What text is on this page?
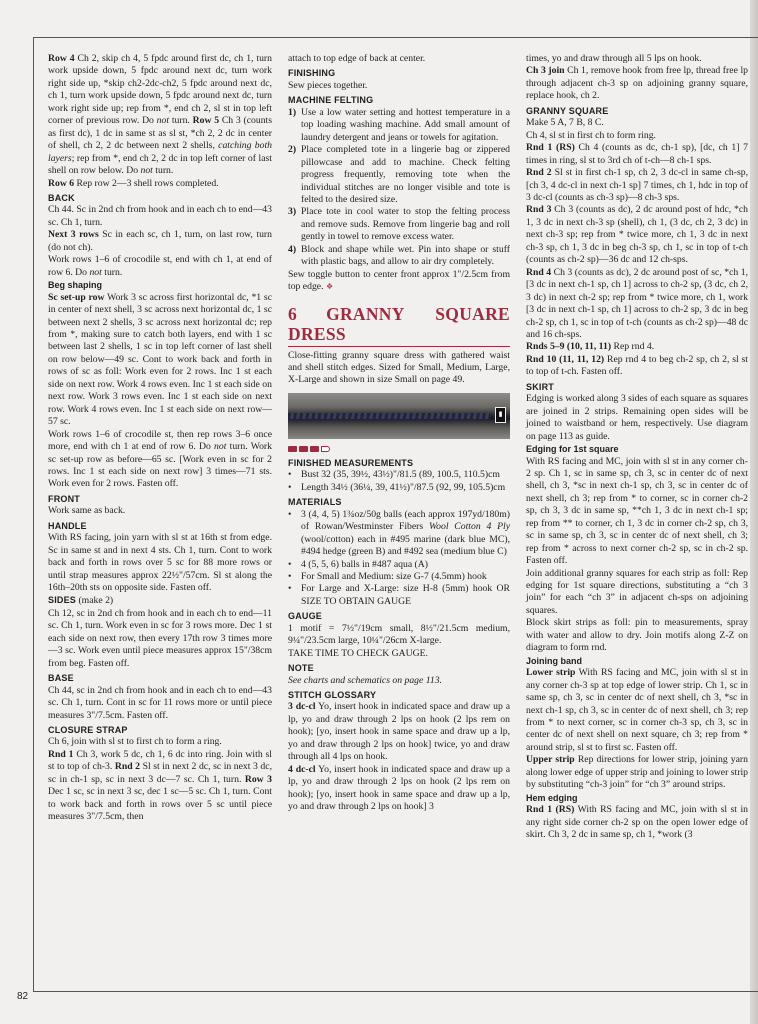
Row 4 Ch 2, skip ch 4, 5 fpdc around first dc, ch 1, turn work upside down, 5 fpdc around next dc, turn work right side up, *skip ch2-2dc-ch2, 5 fpdc around next dc, ch 1, turn work upside down, 5 fpdc around next dc, turn work right side up; rep from *, end ch 2, sl st in top left corner of previous row. Do not turn. Row 5 Ch 3 (counts as first dc), 1 dc in same st as sl st, *ch 2, 2 dc in center of shell, ch 2, 2 dc between next 2 shells, catching both layers; rep from *, end ch 2, 2 dc in top left corner of last shell on row below. Do not turn.

Row 6 Rep row 2—3 shell rows completed.

BACK

Ch 44. Sc in 2nd ch from hook and in each ch to end—43 sc. Ch 1, turn.

Next 3 rows Sc in each sc, ch 1, turn, on last row, turn (do not ch).

Work rows 1–6 of crocodile st, end with ch 1, at end of row 6. Do not turn.

Beg shaping

Sc set-up row Work 3 sc across first horizontal dc, *1 sc in center of next shell, 3 sc across next horizontal dc, 1 sc between next 2 shells, 3 sc across next horizontal dc; rep from *, making sure to catch both layers, end with 1 sc between last 2 shells, 1 sc in top left corner of last shell on row below—49 sc. Cont to work back and forth in rows of sc as foll: Work even for 2 rows. Inc 1 st each side on next row. Work 4 rows even. Inc 1 st each side on next row. Work 3 rows even. Inc 1 st each side on next row. Work 4 rows even. Inc 1 st each side on next row—57 sc.

Work rows 1–6 of crocodile st, then rep rows 3–6 once more, end with ch 1 at end of row 6. Do not turn. Work sc set-up row as before—65 sc. [Work even in sc for 2 rows. Inc 1 st each side on next row] 3 times—71 sts. Work even for 2 rows. Fasten off.

FRONT

Work same as back.

HANDLE

With RS facing, join yarn with sl st at 16th st from edge. Sc in same st and in next 4 sts. Ch 1, turn. Cont to work back and forth in rows over 5 sc for 88 more rows or until strap measures approx 22½"/57cm. Sl st along the 16th–20th sts on opposite side. Fasten off.

SIDES (make 2)

Ch 12, sc in 2nd ch from hook and in each ch to end—11 sc. Ch 1, turn. Work even in sc for 3 rows more. Dec 1 st each side on next row, then every 17th row 3 times more—3 sc. Work even until piece measures approx 15"/38cm from beg. Fasten off.

BASE

Ch 44, sc in 2nd ch from hook and in each ch to end—43 sc. Ch 1, turn. Cont in sc for 11 rows more or until piece measures 3"/7.5cm. Fasten off.

CLOSURE STRAP

Ch 6, join with sl st to first ch to form a ring.

Rnd 1 Ch 3, work 5 dc, ch 1, 6 dc into ring. Join with sl st to top of ch-3. Rnd 2 Sl st in next 2 dc, sc in next 3 dc, sc in ch-1 sp, sc in next 3 dc—7 sc. Ch 1, turn. Row 3 Dec 1 sc, sc in next 3 sc, dec 1 sc—5 sc. Ch 1, turn. Cont to work back and forth in rows over 5 sc until piece measures 3"/7.5cm, then

attach to top edge of back at center.

FINISHING

Sew pieces together.

MACHINE FELTING
1) Use a low water setting and hottest temperature in a top loading washing machine. Add small amount of laundry detergent and jeans or towels for agitation.
2) Place completed tote in a lingerie bag or zippered pillowcase and add to machine. Check felting progress frequently, removing tote when the individual stitches are no longer visible and tote is felted to the desired size.
3) Place tote in cool water to stop the felting process and remove suds. Remove from lingerie bag and roll gently in towel to remove excess water.
4) Block and shape while wet. Pin into shape or stuff with plastic bags, and allow to air dry completely.

Sew toggle button to center front approx 1"/2.5cm from top edge. ❖

6 GRANNY SQUARE DRESS

Close-fitting granny square dress with gathered waist and shell stitch edges. Sized for Small, Medium, Large, X-Large and shown in size Small on page 49.

▮
FINISHED MEASUREMENTS
• Bust 32 (35, 39½, 43½)"/81.5 (89, 100.5, 110.5)cm
• Length 34½ (36¼, 39, 41½)"/87.5 (92, 99, 105.5)cm
MATERIALS
• 3 (4, 4, 5) 1¾oz/50g balls (each approx 197yd/180m) of Rowan/Westminster Fibers Wool Cotton 4 Ply (wool/cotton) each in #495 marine (dark blue MC), #494 hedge (green B) and #492 sea (medium blue C)
• 4 (5, 5, 6) balls in #487 aqua (A)
• For Small and Medium: size G-7 (4.5mm) hook
• For Large and X-Large: size H-8 (5mm) hook OR SIZE TO OBTAIN GAUGE
GAUGE

1 motif = 7½"/19cm small, 8½"/21.5cm medium, 9¼"/23.5cm large, 10¼"/26cm X-large.

TAKE TIME TO CHECK GAUGE.

NOTE

See charts and schematics on page 113.

STITCH GLOSSARY

3 dc-cl Yo, insert hook in indicated space and draw up a lp, yo and draw through 2 lps on hook (2 lps rem on hook); [yo, insert hook in same space and draw up a lp, yo and draw through 2 lps on hook] twice, yo and draw through all 4 lps on hook.

4 dc-cl Yo, insert hook in indicated space and draw up a lp, yo and draw through 2 lps on hook (2 lps rem on hook); [yo, insert hook in same space and draw up a lp, yo and draw through 2 lps on hook] 3

times, yo and draw through all 5 lps on hook.

Ch 3 join Ch 1, remove hook from free lp, thread free lp through adjacent ch-3 sp on adjoining granny square, replace hook, ch 2.

GRANNY SQUARE

Make 5 A, 7 B, 8 C.

Ch 4, sl st in first ch to form ring.

Rnd 1 (RS) Ch 4 (counts as dc, ch-1 sp), [dc, ch 1] 7 times in ring, sl st to 3rd ch of t-ch—8 ch-1 sps.

Rnd 2 Sl st in first ch-1 sp, ch 2, 3 dc-cl in same ch-sp, [ch 3, 4 dc-cl in next ch-1 sp] 7 times, ch 1, hdc in top of 3 dc-cl (counts as ch-3 sp)—8 ch-3 sps.

Rnd 3 Ch 3 (counts as dc), 2 dc around post of hdc, *ch 1, 3 dc in next ch-3 sp (shell), ch 1, (3 dc, ch 2, 3 dc) in next ch-3 sp; rep from * twice more, ch 1, 3 dc in next ch-3 sp, ch 1, 3 dc in beg ch-3 sp, ch 1, sc in top of t-ch (counts as ch-2 sp)—36 dc and 12 ch-sps.

Rnd 4 Ch 3 (counts as dc), 2 dc around post of sc, *ch 1, [3 dc in next ch-1 sp, ch 1] across to ch-2 sp, (3 dc, ch 2, 3 dc) in next ch-2 sp; rep from * twice more, ch 1, work [3 dc in next ch-1 sp, ch 1] across to ch-2 sp, 3 dc in beg ch-2 sp, ch 1, sc in top of t-ch (counts as ch-2 sp)—48 dc and 16 ch-sps.

Rnds 5–9 (10, 11, 11) Rep rnd 4.

Rnd 10 (11, 11, 12) Rep rnd 4 to beg ch-2 sp, ch 2, sl st to top of t-ch. Fasten off.

SKIRT

Edging is worked along 3 sides of each square as squares are joined in 2 strips. Remaining open sides will be joined to waistband or hem, respectively. Use diagram on page 113 as guide.

Edging for 1st square

With RS facing and MC, join with sl st in any corner ch-2 sp. Ch 1, sc in same sp, ch 3, sc in center dc of next shell, ch 3, *sc in next ch-1 sp, ch 3, sc in center dc of next shell, ch 3; rep from * to corner, sc in corner ch-2 sp, ch 3, 3 dc in same sp, **ch 1, 3 dc in next ch-1 sp; rep from ** to corner, ch 1, 3 dc in corner ch-2 sp, ch 3, sc in same sp, ch 3, sc in center dc of next shell, ch 3; rep from * across to next corner ch-2 sp, sc in ch-2 sp. Fasten off.

Join additional granny squares for each strip as foll: Rep edging for 1st square directions, substituting a “ch 3 join” for each “ch 3” in adjacent ch-sps on adjoining squares.

Block skirt strips as foll: pin to measurements, spray with water and allow to dry. Join motifs along Z-Z on diagram to form rnd.

Joining band

Lower strip With RS facing and MC, join with sl st in any corner ch-3 sp at top edge of lower strip. Ch 1, sc in same sp, ch 3, sc in center dc of next shell, ch 3, *sc in next ch-1 sp, ch 3, sc in center dc of next shell, ch 3; rep from * to next corner, sc in corner ch-3 sp, ch 3, sc in center dc of next shell on next square, ch 3; rep from * around strip, sl st to first sc. Fasten off.

Upper strip Rep directions for lower strip, joining yarn along lower edge of upper strip and joining to lower strip by substituting “ch-3 join” for “ch 3” around strips.

Hem edging

Rnd 1 (RS) With RS facing and MC, join with sl st in any right side corner ch-2 sp on the open lower edge of skirt. Ch 3, 2 dc in same sp, ch 1, *work (3

82
